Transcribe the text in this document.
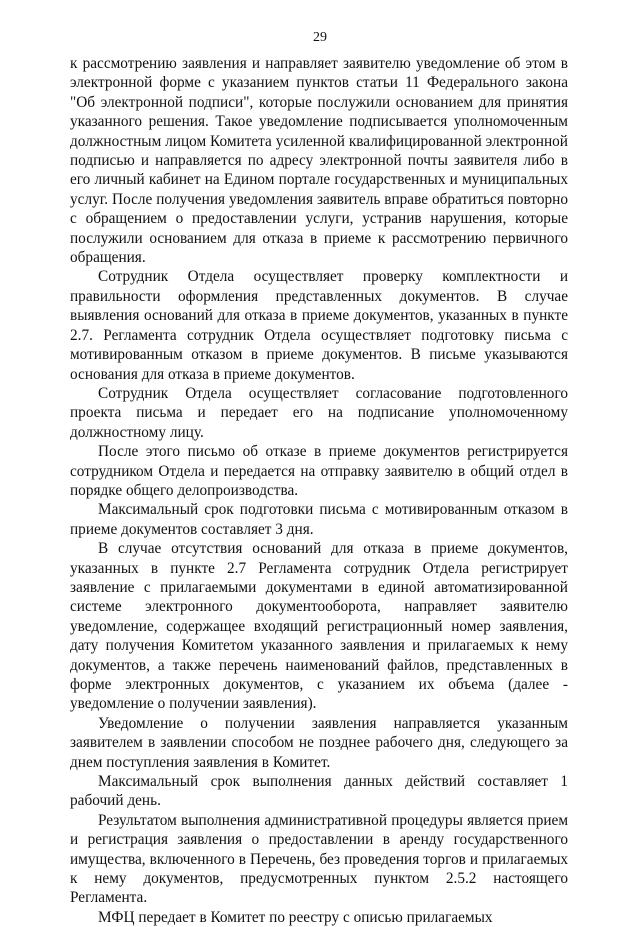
29

к рассмотрению заявления и направляет заявителю уведомление об этом в электронной форме с указанием пунктов статьи 11 Федерального закона "Об электронной подписи", которые послужили основанием для принятия указанного решения. Такое уведомление подписывается уполномоченным должностным лицом Комитета усиленной квалифицированной электронной подписью и направляется по адресу электронной почты заявителя либо в его личный кабинет на Едином портале государственных и муниципальных услуг. После получения уведомления заявитель вправе обратиться повторно с обращением о предоставлении услуги, устранив нарушения, которые послужили основанием для отказа в приеме к рассмотрению первичного обращения.

Сотрудник Отдела осуществляет проверку комплектности и правильности оформления представленных документов. В случае выявления оснований для отказа в приеме документов, указанных в пункте 2.7. Регламента сотрудник Отдела осуществляет подготовку письма с мотивированным отказом в приеме документов. В письме указываются основания для отказа в приеме документов.

Сотрудник Отдела осуществляет согласование подготовленного проекта письма и передает его на подписание уполномоченному должностному лицу.

После этого письмо об отказе в приеме документов регистрируется сотрудником Отдела и передается на отправку заявителю в общий отдел в порядке общего делопроизводства.

Максимальный срок подготовки письма с мотивированным отказом в приеме документов составляет 3 дня.

В случае отсутствия оснований для отказа в приеме документов, указанных в пункте 2.7 Регламента сотрудник Отдела регистрирует заявление с прилагаемыми документами в единой автоматизированной системе электронного документооборота, направляет заявителю уведомление, содержащее входящий регистрационный номер заявления, дату получения Комитетом указанного заявления и прилагаемых к нему документов, а также перечень наименований файлов, представленных в форме электронных документов, с указанием их объема (далее - уведомление о получении заявления).

Уведомление о получении заявления направляется указанным заявителем в заявлении способом не позднее рабочего дня, следующего за днем поступления заявления в Комитет.

Максимальный срок выполнения данных действий составляет 1 рабочий день.

Результатом выполнения административной процедуры является прием и регистрация заявления о предоставлении в аренду государственного имущества, включенного в Перечень, без проведения торгов и прилагаемых к нему документов, предусмотренных пунктом 2.5.2 настоящего Регламента.

МФЦ передает в Комитет по реестру с описью прилагаемых
